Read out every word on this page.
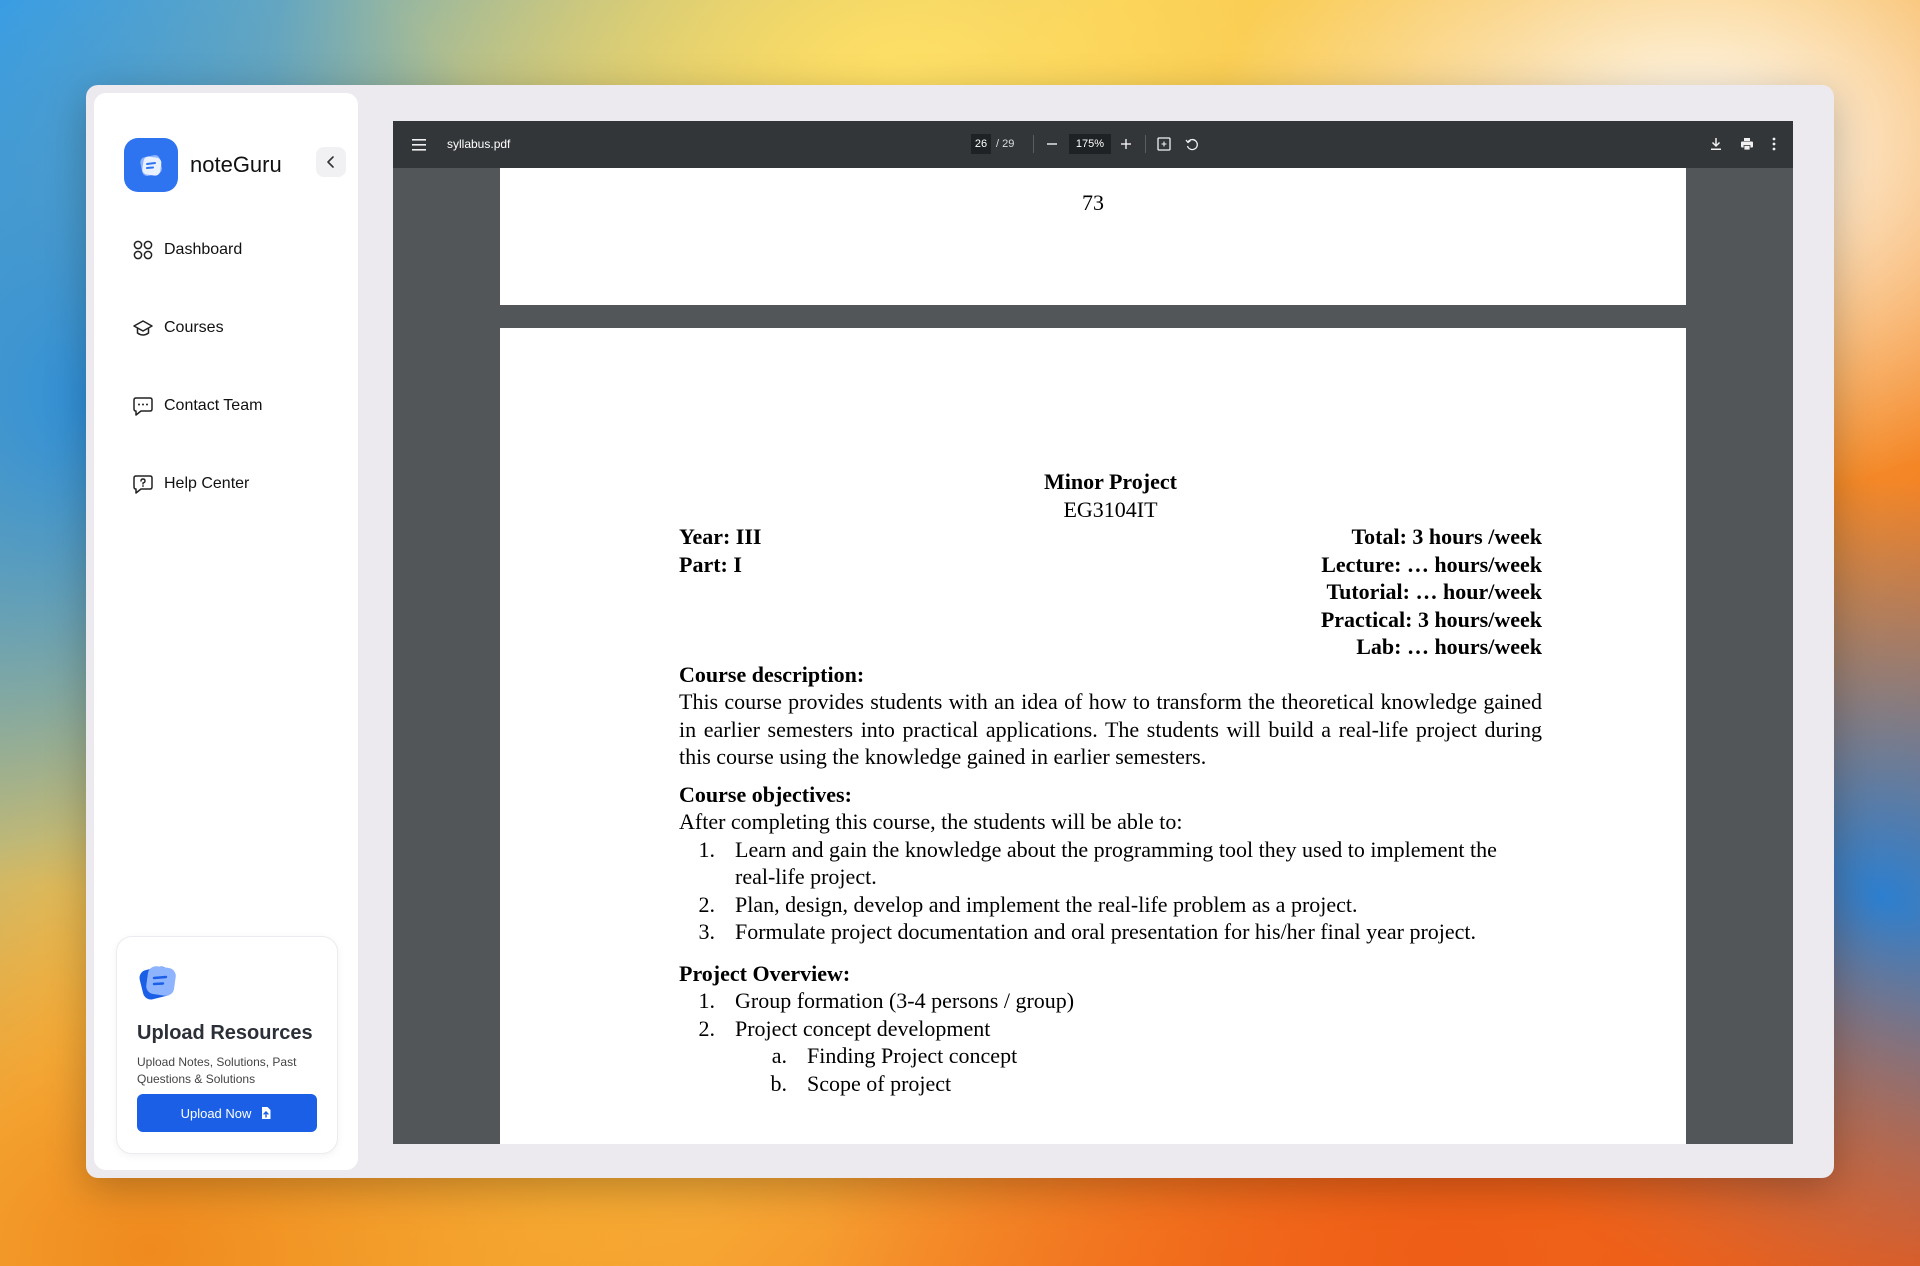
noteGuru
Dashboard
Courses
Contact Team
Help Center
Upload Resources
Upload Notes, Solutions, Past Questions & Solutions
Upload Now
syllabus.pdf	26 / 29	175%
73
Minor Project
EG3104IT
Year: III	Total: 3 hours /week
Part: I	Lecture: … hours/week
Tutorial: … hour/week
Practical: 3 hours/week
Lab: … hours/week
Course description:
This course provides students with an idea of how to transform the theoretical knowledge gained in earlier semesters into practical applications. The students will build a real-life project during this course using the knowledge gained in earlier semesters.
Course objectives:
After completing this course, the students will be able to:
1. Learn and gain the knowledge about the programming tool they used to implement the real-life project.
2. Plan, design, develop and implement the real-life problem as a project.
3. Formulate project documentation and oral presentation for his/her final year project.
Project Overview:
1. Group formation (3-4 persons / group)
2. Project concept development
a. Finding Project concept
b. Scope of project
